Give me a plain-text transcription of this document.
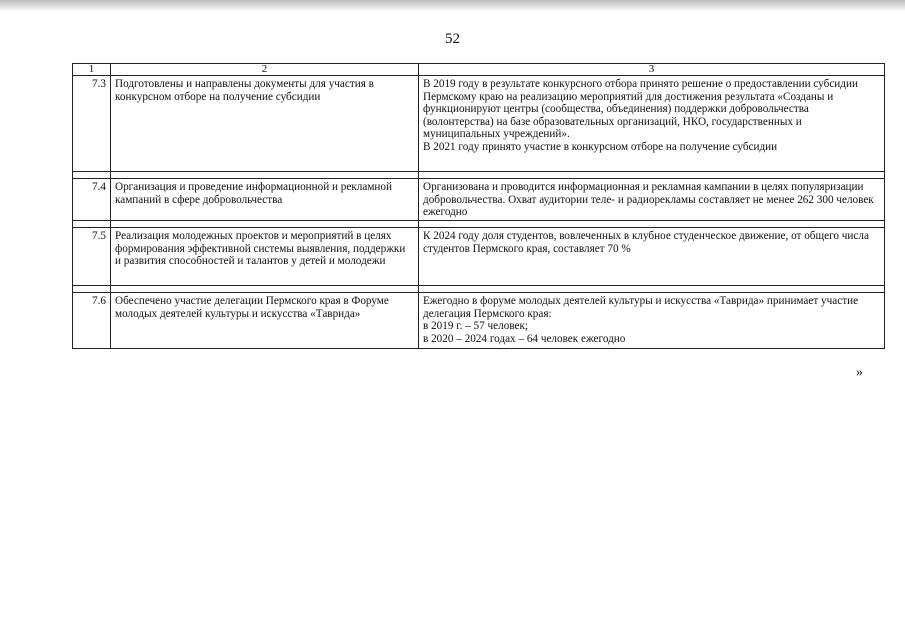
52
1	2	3
7.3	Подготовлены и направлены документы для участия в конкурсном отборе на получение субсидии	В 2019 году в результате конкурсного отбора принято решение о предоставлении субсидии Пермскому краю на реализацию мероприятий для достижения результата «Созданы и функционируют центры (сообщества, объединения) поддержки добровольчества (волонтерства) на базе образовательных организаций, НКО, государственных и муниципальных учреждений».
В 2021 году принято участие в конкурсном отборе на получение субсидии

7.4	Организация и проведение информационной и рекламной кампаний в сфере добровольчества	Организована и проводится информационная и рекламная кампании в целях популяризации добровольчества. Охват аудитории теле- и радиорекламы составляет не менее 262 300 человек ежегодно

7.5	Реализация молодежных проектов и мероприятий в целях формирования эффективной системы выявления, поддержки и развития способностей и талантов у детей и молодежи	К 2024 году доля студентов, вовлеченных в клубное студенческое движение, от общего числа студентов Пермского края, составляет 70 %

7.6	Обеспечено участие делегации Пермского края в Форуме молодых деятелей культуры и искусства «Таврида»	Ежегодно в форуме молодых деятелей культуры и искусства «Таврида» принимает участие делегация Пермского края:
в 2019 г. – 57 человек;
в 2020 – 2024 годах – 64 человек ежегодно
»
